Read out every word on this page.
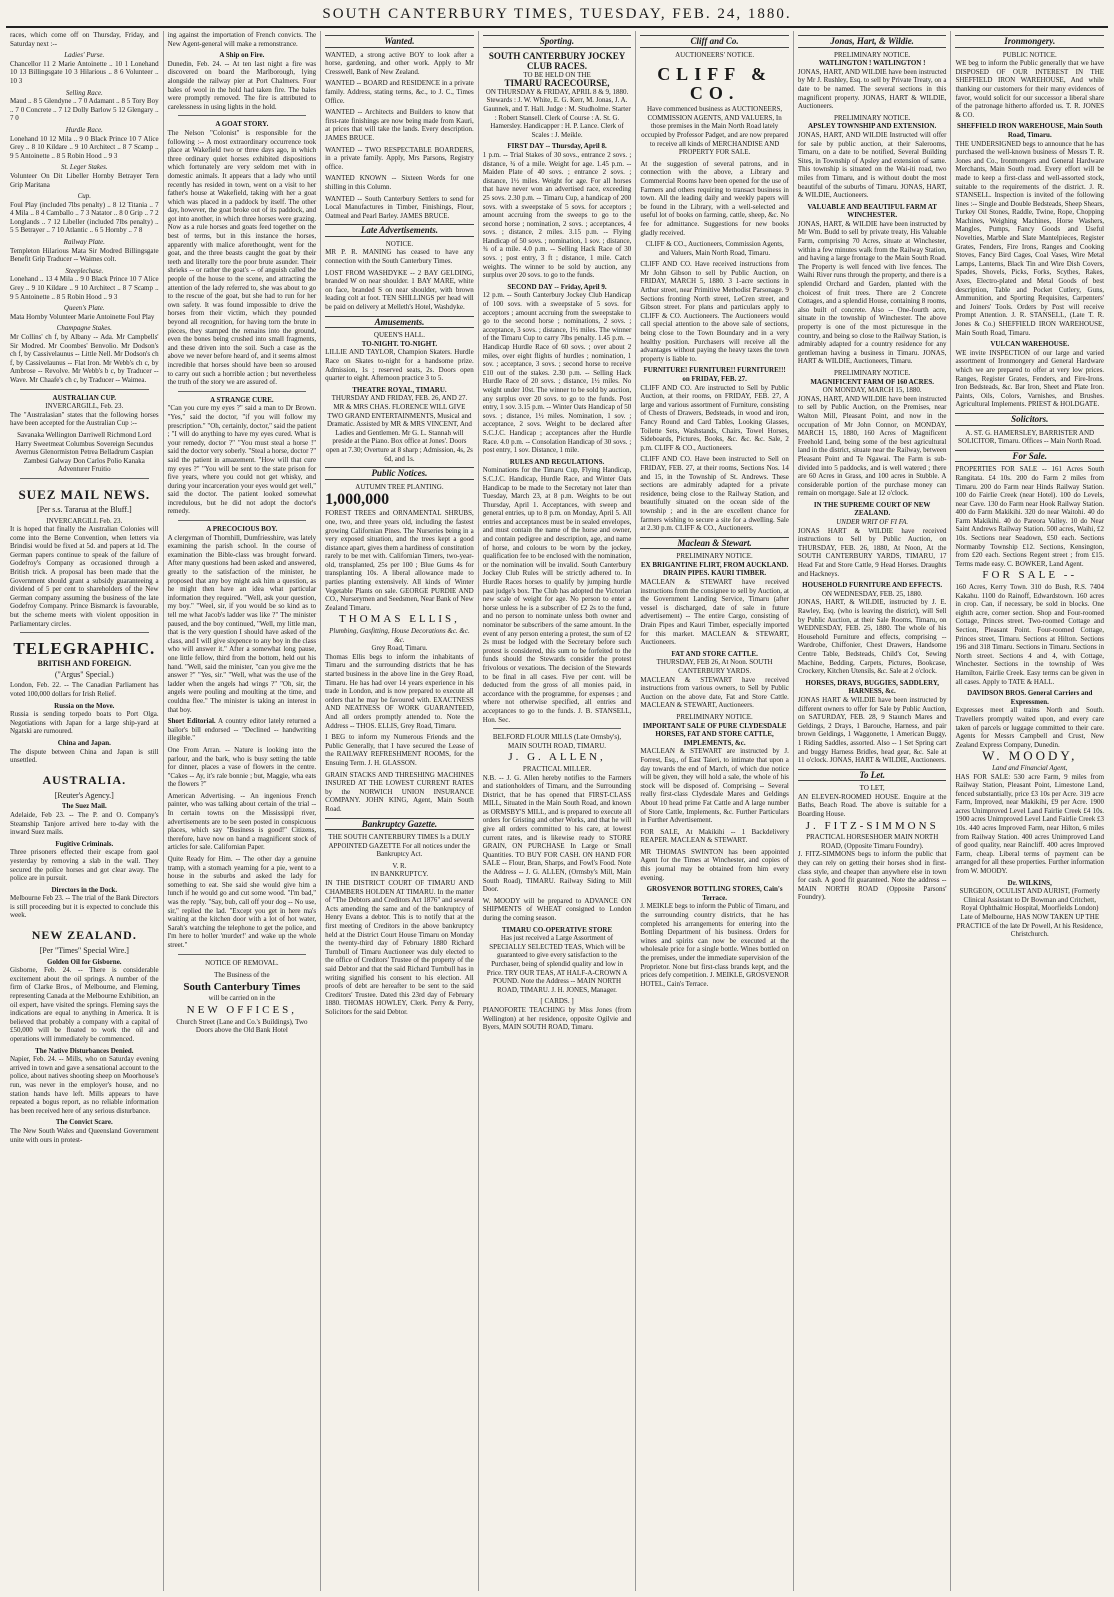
SOUTH CANTERBURY TIMES, TUESDAY, FEB. 24, 1880.

races, which come off on Thursday, Friday, and Saturday next :--

Ladies' Purse.

Chancellor 11 2 Marie Antoinette .. 10 1 Lonehand 10 13 Billingsgate 10 3 Hilarious .. 8 6 Volunteer .. 10 3

Selling Race.

Maud .. 8 5 Glendyne .. 7 0 Adamant .. 8 5 Tory Boy .. 7 0 Concrete .. 7 12 Dolly Barlow 5 12 Glengary .. 7 0

Hurdle Race.

Lonehand 10 12 Mila .. 9 0 Black Prince 10 7 Alice Grey .. 8 10 Kildare .. 9 10 Architect .. 8 7 Scamp .. 9 5 Antoinette .. 8 5 Robin Hood .. 9 3

St. Leger Stakes.

Volunteer On Dit Libeller Hornby Betrayer Tern Grip Maritana

Cup.

Foul Play (included 7lbs penalty) .. 8 12 Titania .. 7 4 Mila .. 8 4 Camballo .. 7 3 Natator .. 8 0 Grip .. 7 2 Longlands .. 7 12 Libeller (included 7lbs penalty) .. 5 5 Betrayer .. 7 10 Atlantic .. 6 5 Hornby .. 7 8

Railway Plate.

Templeton Hilarious Mata Sir Modred Billingsgate Benefit Grip Traducer -- Waimes colt.

Steeplechase.

Lonehand .. 13 4 Mila .. 9 0 Black Prince 10 7 Alice Grey .. 9 10 Kildare .. 9 10 Architect .. 8 7 Scamp .. 9 5 Antoinette .. 8 5 Robin Hood .. 9 3

Queen's Plate.

Mata Hornby Volunteer Marie Antoinette Foul Play

Champagne Stakes.

Mr Collins' ch f, by Albany -- Ada. Mr Campbells' Sir Modred. Mr Coombes' Benvolio. Mr Dodson's ch f, by Cassivelaunus -- Little Nell. Mr Dodson's ch f, by Cassivelaunus -- Flat Iron. Mr Webb's ch c, by Ambrose -- Revolve. Mr Webb's b c, by Traducer -- Wave. Mr Chaafe's ch c, by Traducer -- Waimea.

AUSTRALIAN CUP.
INVERCARGILL, Feb. 23.

The "Australasian" states that the following horses have been accepted for the Australian Cup :--

Savanaka Wellington Darriwell Richmond Lord Harry Sweetmeat Columbus Sovereign Secundus Avernus Glenormiston Petrea Belladrum Caspian Zambesi Galway Don Carlos Polio Kanaka Adventurer Fruitio

SUEZ MAIL NEWS.
[Per s.s. Tararua at the Bluff.]
INVERCARGILL Feb. 23.

It is hoped that finally the Australian Colonies will come into the Berne Convention, when letters via Brindisi would be fixed at 5d. and papers at 1d. The German papers continue to speak of the failure of Godefroy's Company as occasioned through a British trick. A proposal has been made that the Government should grant a subsidy guaranteeing a dividend of 5 per cent to shareholders of the New German company assuming the business of the late Godefroy Company. Prince Bismarck is favourable, but the scheme meets with violent opposition in Parliamentary circles.

TELEGRAPHIC.
BRITISH AND FOREIGN.
("Argus" Special.)

London, Feb. 22. -- The Canadian Parliament has voted 100,000 dollars for Irish Relief.

Russia on the Move.

Russia is sending torpedo boats to Port Olga. Negotiations with Japan for a large ship-yard at Ngatski are rumoured.

China and Japan.

The dispute between China and Japan is still unsettled.

AUSTRALIA.
[Reuter's Agency.]
The Suez Mail.

Adelaide, Feb 23. -- The P. and O. Company's Steamship Tanjore arrived here to-day with the inward Suez mails.

Fugitive Criminals.

Three prisoners effected their escape from gaol yesterday by removing a slab in the wall. They secured the police horses and got clear away. The police are in pursuit.

Directors in the Dock.

Melbourne Feb 23. -- The trial of the Bank Directors is still proceeding but it is expected to conclude this week.

NEW ZEALAND.
[Per "Times" Special Wire.]
Golden Oil for Gisborne.

Gisborne, Feb. 24. -- There is considerable excitement about the oil springs. A number of the firm of Clarke Bros., of Melbourne, and Fleming, representing Canada at the Melbourne Exhibition, an oil expert, have visited the springs. Fleming says the indications are equal to anything in America. It is believed that probably a company with a capital of £50,000 will be floated to work the oil and operations will immediately be commenced.

The Native Disturbances Denied.

Napier, Feb. 24. -- Mills, who on Saturday evening arrived in town and gave a sensational account to the police, about natives shooting sheep on Moorhouse's run, was never in the employer's house, and no station hands have left. Mills appears to have repeated a bogus report, as no reliable information has been received here of any serious disturbance.

The Convict Scare.

The New South Wales and Queensland Government unite with ours in protest-

ing against the importation of French convicts. The New Agent-general will make a remonstrance.

A Ship on Fire.

Dunedin, Feb. 24. -- At ten last night a fire was discovered on board the Marlborough, lying alongside the railway pier at Port Chalmers. Four bales of wool in the hold had taken fire. The bales were promptly removed. The fire is attributed to carelessness in using lights in the hold.

A GOAT STORY.

The Nelson "Colonist" is responsible for the following :-- A most extraordinary occurrence took place at Wakefield two or three days ago, in which three ordinary quiet horses exhibited dispositions which fortunately are very seldom met with in domestic animals. It appears that a lady who until recently has resided in town, went on a visit to her father's house at Wakefield, taking with her a goat which was placed in a paddock by itself. The other day, however, the goat broke out of its paddock, and got into another, in which three horses were grazing. Now as a rule horses and goats feed together on the best of terms, but in this instance the horses, apparently with malice aforethought, went for the goat, and the three beasts caught the goat by their teeth and literally tore the poor brute asunder. Their shrieks -- or rather the goat's -- of anguish called the people of the house to the scene, and attracting the attention of the lady referred to, she was about to go to the rescue of the goat, but she had to run for her own safety. It was found impossible to drive the horses from their victim, which they pounded beyond all recognition, for having torn the brute in pieces, they stamped the remains into the ground, even the bones being crushed into small fragments, and these driven into the soil. Such a case as the above we never before heard of, and it seems almost incredible that horses should have been so aroused to carry out such a horrible action ; but nevertheless the truth of the story we are assured of.

A STRANGE CURE.

"Can you cure my eyes ?" said a man to Dr Brown. "Yes," said the doctor, "if you will follow my prescription." "Oh, certainly, doctor," said the patient ; "I will do anything to have my eyes cured. What is your remedy, doctor ?" "You must steal a horse !" said the doctor very soberly. "Steal a horse, doctor ?" said the patient in amazement. "How will that cure my eyes ?" "You will be sent to the state prison for five years, where you could not get whisky, and during your incarceration your eyes would get well," said the doctor. The patient looked somewhat incredulous, but he did not adopt the doctor's remedy.

A PRECOCIOUS BOY.

A clergyman of Thornhill, Dumfriesshire, was lately examining the parish school. In the course of examination the Bible-class was brought forward. After many questions had been asked and answered, greatly to the satisfaction of the minister, he proposed that any boy might ask him a question, as he might then have an idea what particular information they required. "Well, ask your question, my boy." "Weel, sir, if you would be so kind as to tell me what Jacob's ladder was like ?" The minister paused, and the boy continued, "Well, my little man, that is the very question I should have asked of the class, and I will give sixpence to any boy in the class who will answer it." After a somewhat long pause, one little fellow, third from the bottom, held out his hand. "Well, said the minister, "can you give me the answer ?" "Yes, sir." "Well, what was the use of the ladder when the angels had wings ?" "Oh, sir, the angels were pouling and moulting at the time, and couldna flee." The minister is taking an interest in that boy.

Short Editorial. A country editor lately returned a bailor's bill endorsed -- "Declined -- handwriting illegible."

One From Arran. -- Nature is looking into the parlour, and the bark, who is busy setting the table for dinner, places a vase of flowers in the centre. "Cakes -- Ay, it's rale bonnie ; but, Maggie, wha eats the flowers ?"

American Advertising. -- An ingenious French painter, who was talking about certain of the trial -- In certain towns on the Mississippi river, advertisements are to be seen posted in conspicuous places, which say "Business is good!" Citizens, therefore, have now on hand a magnificent stock of articles for sale. Californian Paper.

Quite Ready for Him. -- The other day a genuine tramp, with a stomach yearning for a pie, went to a house in the suburbs and asked the lady for something to eat. She said she would give him a lunch if he would go and cut some wood. "I'm bad," was the reply. "Say, bub, call off your dog -- No use, sir," replied the lad. "Except you get in here ma's waiting at the kitchen door with a lot of hot water, Sarah's watching the telephone to get the police, and I'm here to holler 'murder!' and wake up the whole street."

NOTICE OF REMOVAL.
The Business of the
South Canterbury Times
will be carried on in the
NEW OFFICES,
Church Street (Lane and Co.'s Buildings), Two Doors above the Old Bank Hotel
Wanted.

WANTED, a strong active BOY to look after a horse, gardening, and other work. Apply to Mr Cresswell, Bank of New Zealand.

WANTED -- BOARD and RESIDENCE in a private family. Address, stating terms, &c., to J. C., Times Office.

WANTED -- Architects and Builders to know that first-rate finishings are now being made from Kauri, at prices that will take the lands. Every description. JAMES BRUCE.

WANTED -- TWO RESPECTABLE BOARDERS, in a private family. Apply, Mrs Parsons, Registry office.

WANTED KNOWN -- Sixteen Words for one shilling in this Column.

WANTED -- South Canterbury Settlers to send for Local Manufactures in Timber, Finishings, Flour, Oatmeal and Pearl Barley. JAMES BRUCE.

Late Advertisements.
NOTICE.

MR P. R. MANING has ceased to have any connection with the South Canterbury Times.

LOST FROM WASHDYKE -- 2 BAY GELDING, branded W on near shoulder. 1 BAY MARE, white on face, branded S on near shoulder, with brown leading colt at foot. TEN SHILLINGS per head will be paid on delivery at Melleth's Hotel, Washdyke.

Amusements.
QUEEN'S HALL.
TO-NIGHT. TO-NIGHT.

LILLIE AND TAYLOR, Champion Skaters. Hurdle Race on Skates to-night for a handsome prize. Admission, 1s ; reserved seats, 2s. Doors open quarter to eight. Afternoon practice 3 to 5.

THEATRE ROYAL, TIMARU.
THURSDAY AND FRIDAY, FEB. 26, AND 27.

MR & MRS CHAS. FLORENCE WILL GIVE TWO GRAND ENTERTAINMENTS, Musical and Dramatic. Assisted by MR & MRS VINCENT, And Ladies and Gentlemen. Mr G. L. Stannah will preside at the Piano. Box office at Jones'. Doors open at 7.30; Overture at 8 sharp ; Admission, 4s, 2s 6d, and 1s.

Public Notices.
AUTUMN TREE PLANTING.
1,000,000

FOREST TREES and ORNAMENTAL SHRUBS, one, two, and three years old, including the fastest growing Californian Pines. The Nurseries being in a very exposed situation, and the trees kept a good distance apart, gives them a hardiness of constitution rarely to be met with. Californian Timers, two-year-old, transplanted, 25s per 100 ; Blue Gums 4s for transplanting 10s. A liberal allowance made to parties planting extensively. All kinds of Winter Vegetable Plants on sale. GEORGE PURDIE AND CO., Nurserymen and Seedsmen, Near Bank of New Zealand Timaru.

THOMAS ELLIS,
Plumbing, Gasfitting, House Decorations &c. &c. &c.
Grey Road, Timaru.

Thomas Ellis begs to inform the inhabitants of Timaru and the surrounding districts that he has started business in the above line in the Grey Road, Timaru. He has had over 14 years experience in his trade in London, and is now prepared to execute all orders that he may be favoured with. EXACTNESS AND NEATNESS OF WORK GUARANTEED, And all orders promptly attended to. Note the Address -- THOS. ELLIS, Grey Road, Timaru.

I BEG to inform my Numerous Friends and the Public Generally, that I have secured the Lease of the RAILWAY REFRESHMENT ROOMS, for the Ensuing Term. J. H. GLASSON.

GRAIN STACKS AND THRESHING MACHINES INSURED AT THE LOWEST CURRENT RATES by the NORWICH UNION INSURANCE COMPANY. JOHN KING, Agent, Main South Road.

Bankruptcy Gazette.

THE SOUTH CANTERBURY TIMES Is a DULY APPOINTED GAZETTE For all notices under the Bankruptcy Act.

V. R.
IN BANKRUPTCY.

IN THE DISTRICT COURT OF TIMARU AND CHAMBERS HOLDEN AT TIMARU. In the matter of "The Debtors and Creditors Act 1876" and several Acts amending the same and of the bankruptcy of Henry Evans a debtor. This is to notify that at the first meeting of Creditors in the above bankruptcy held at the District Court House Timaru on Monday the twenty-third day of February 1880 Richard Turnbull of Timaru Auctioneer was duly elected to the office of Creditors' Trustee of the property of the said Debtor and that the said Richard Turnbull has in writing signified his consent to his election. All proofs of debt are hereafter to be sent to the said Creditors' Trustee. Dated this 23rd day of February 1880. THOMAS HOWLEY, Clerk. Perry & Perry, Solicitors for the said Debtor.

Sporting.
SOUTH CANTERBURY JOCKEY CLUB RACES.
TO BE HELD ON THE
TIMARU RACECOURSE,
ON THURSDAY & FRIDAY, APRIL 8 & 9, 1880.

Stewards : J. W. White, E. G. Kerr, M. Jonas, J. A. Gaunnek, and T. Hall. Judge : M. Studholme. Starter : Robert Stansell. Clerk of Course : A. St. G. Hamersley. Handicapper : H. P. Lance. Clerk of Scales : J. Meikle.

FIRST DAY -- Thursday, April 8.

1 p.m. -- Trial Stakes of 30 sovs., entrance 2 sovs. ; distance, ¾ of a mile. Weight for age. 1.45 p.m. -- Maiden Plate of 40 sovs. ; entrance 2 sovs. ; distance, 1½ miles. Weight for age. For all horses that have never won an advertised race, exceeding 25 sovs. 2.30 p.m. -- Timaru Cup, a handicap of 200 sovs. with a sweepstake of 5 sovs. for acceptors ; amount accruing from the sweeps to go to the second horse ; nomination, 2 sovs. ; acceptances, 4 sovs. ; distance, 2 miles. 3.15 p.m. -- Flying Handicap of 50 sovs. ; nomination, 1 sov. ; distance, ¾ of a mile. 4.0 p.m. -- Selling Hack Race of 30 sovs. ; post entry, 3 ft ; distance, 1 mile. Catch weights. The winner to be sold by auction, any surplus over 20 sovs. to go to the funds.

SECOND DAY -- Friday, April 9.

12 p.m. -- South Canterbury Jockey Club Handicap of 100 sovs. with a sweepstake of 5 sovs. for acceptors ; amount accruing from the sweepstake to go to the second horse ; nominations, 2 sovs. ; acceptance, 3 sovs. ; distance, 1½ miles. The winner of the Timaru Cup to carry 7lbs penalty. 1.45 p.m. -- Handicap Hurdle Race of 60 sovs. ; over about 2 miles, over eight flights of hurdles ; nomination, 1 sov. ; acceptance, 3 sovs. ; second horse to receive £10 out of the stakes. 2.30 p.m. -- Selling Hack Hurdle Race of 20 sovs. ; distance, 1½ miles. No weight under 10st. The winner to be sold by auction, any surplus over 20 sovs. to go to the funds. Post entry, 1 sov. 3.15 p.m. -- Winter Oats Handicap of 50 sovs. ; distance, 1½ miles. Nomination, 1 sov. ; acceptance, 2 sovs. Weight to be declared after S.C.J.C. Handicap ; acceptances after the Hurdle Race. 4.0 p.m. -- Consolation Handicap of 30 sovs. ; post entry, 1 sov. Distance, 1 mile.

RULES AND REGULATIONS.

Nominations for the Timaru Cup, Flying Handicap, S.C.J.C. Handicap, Hurdle Race, and Winter Oats Handicap to be made to the Secretary not later than Tuesday, March 23, at 8 p.m. Weights to be out Thursday, April 1. Acceptances, with sweep and general entries, up to 8 p.m. on Monday, April 5. All entries and acceptances must be in sealed envelopes, and must contain the name of the horse and owner, and contain pedigree and description, age, and name of horse, and colours to be worn by the jockey, qualification fee to be enclosed with the nomination, or the nomination will be invalid. South Canterbury Jockey Club Rules will be strictly adhered to. In Hurdle Races horses to qualify by jumping hurdle past judge's box. The Club has adopted the Victorian new scale of weight for age. No person to enter a horse unless he is a subscriber of £2 2s to the fund, and no person to nominate unless both owner and nominator be subscribers of the same amount. In the event of any person entering a protest, the sum of £2 2s must be lodged with the Secretary before such protest is considered, this sum to be forfeited to the funds should the Stewards consider the protest frivolous or vexatious. The decision of the Stewards to be final in all cases. Five per cent. will be deducted from the gross of all monies paid, in accordance with the programme, for expenses ; and where not otherwise specified, all entries and acceptances to go to the funds. J. B. STANSELL, Hon. Sec.

BELFORD FLOUR MILLS (Late Ormsby's), MAIN SOUTH ROAD, TIMARU.
J. G. ALLEN,
PRACTICAL MILLER.

N.B. -- J. G. Allen hereby notifies to the Farmers and stationholders of Timaru, and the Surrounding District, that he has opened that FIRST-CLASS MILL, Situated in the Main South Road, and known as ORMSBY'S MILL, and is prepared to execute all orders for Gristing and other Works, and that he will give all orders committed to his care, at lowest current rates, and is likewise ready to STORE GRAIN, ON PURCHASE In Large or Small Quantities. TO BUY FOR CASH. ON HAND FOR SALE -- Flour, Bran, Sharps, and Fowl's Food. Note the Address -- J. G. ALLEN, (Ormsby's Mill, Main South Road), TIMARU. Railway Siding to Mill Door.

W. MOODY will be prepared to ADVANCE ON SHIPMENTS of WHEAT consigned to London during the coming season.

TIMARU CO-OPERATIVE STORE

Has just received a Large Assortment of SPECIALLY SELECTED TEAS, Which will be guaranteed to give every satisfaction to the Purchaser, being of splendid quality and low in Price. TRY OUR TEAS, AT HALF-A-CROWN A POUND. Note the Address -- MAIN NORTH ROAD, TIMARU. J. H. JONES, Manager.

[ CARDS. ]

PIANOFORTE TEACHING by Miss Jones (from Wellington) at her residence, opposite Ogilvie and Byers, MAIN SOUTH ROAD, Timaru.

Cliff and Co.
AUCTIONEERS' NOTICE.
CLIFF & CO.

Have commenced business as AUCTIONEERS, COMMISSION AGENTS, AND VALUERS, In those premises in the Main North Road lately occupied by Professor Padget, and are now prepared to receive all kinds of MERCHANDISE AND PROPERTY FOR SALE.

At the suggestion of several patrons, and in connection with the above, a Library and Commercial Rooms have been opened for the use of Farmers and others requiring to transact business in town. All the leading daily and weekly papers will be found in the Library, with a well-selected and useful lot of books on farming, cattle, sheep, &c. No fee for admittance. Suggestions for new books gladly received.

CLIFF & CO., Auctioneers, Commission Agents, and Valuers, Main North Road, Timaru.

CLIFF AND CO. Have received instructions from Mr John Gibson to sell by Public Auction, on FRIDAY, MARCH 5, 1880. 3 1-acre sections in Arthur street, near Primitive Methodist Parsonage. 9 Sections fronting North street, LeCren street, and Gibson street. For plans and particulars apply to CLIFF & CO. Auctioneers. The Auctioneers would call special attention to the above sale of sections, being close to the Town Boundary and in a very healthy position. Purchasers will receive all the advantages without paying the heavy taxes the town property is liable to.

FURNITURE! FURNITURE!! FURNITURE!!! on FRIDAY, FEB. 27.

CLIFF AND CO. Are instructed to Sell by Public Auction, at their rooms, on FRIDAY, FEB. 27, A large and various assortment of Furniture, consisting of Chests of Drawers, Bedsteads, in wood and iron, Fancy Round and Card Tables, Looking Glasses, Toilette Sets, Washstands, Chairs, Towel Horses, Sideboards, Pictures, Books, &c. &c. &c. Sale, 2 p.m. CLIFF & CO., Auctioneers.

CLIFF AND CO. Have been instructed to Sell on FRIDAY, FEB. 27, at their rooms, Sections Nos. 14 and 15, in the Township of St. Andrews. These sections are admirably adapted for a private residence, being close to the Railway Station, and beautifully situated on the ocean side of the township ; and in the are excellent chance for farmers wishing to secure a site for a dwelling. Sale at 2.30 p.m. CLIFF & CO., Auctioneers.

Maclean & Stewart.
PRELIMINARY NOTICE.
EX BRIGANTINE FLIRT, FROM AUCKLAND. DRAIN PIPES. KAURI TIMBER.

MACLEAN & STEWART have received instructions from the consignee to sell by Auction, at the Government Landing Service, Timaru (after vessel is discharged, date of sale in future advertisement) -- The entire Cargo, consisting of Drain Pipes and Kauri Timber, especially imported for this market. MACLEAN & STEWART, Auctioneers.

FAT AND STORE CATTLE.
THURSDAY, FEB 26, At Noon. SOUTH CANTERBURY YARDS.

MACLEAN & STEWART have received instructions from various owners, to Sell by Public Auction on the above date, Fat and Store Cattle. MACLEAN & STEWART, Auctioneers.

PRELIMINARY NOTICE.
IMPORTANT SALE OF PURE CLYDESDALE HORSES, FAT AND STORE CATTLE, IMPLEMENTS, &c.

MACLEAN & STEWART are instructed by J. Forrest, Esq., of East Taieri, to intimate that upon a day towards the end of March, of which due notice will be given, they will hold a sale, the whole of his stock will be disposed of. Comprising -- Several really first-class Clydesdale Mares and Geldings About 10 head prime Fat Cattle and A large number of Store Cattle, Implements, &c. Further Particulars in Further Advertisement.

FOR SALE, At Makikihi -- 1 Backdelivery REAPER. MACLEAN & STEWART.

MR THOMAS SWINTON has been appointed Agent for the Times at Winchester, and copies of this journal may be obtained from him every evening.

GROSVENOR BOTTLING STORES, Cain's Terrace.

J. MEIKLE begs to inform the Public of Timaru, and the surrounding country districts, that he has completed his arrangements for entering into the Bottling Department of his business. Orders for wines and spirits can now be executed at the wholesale price for a single bottle. Wines bottled on the premises, under the immediate supervision of the Proprietor. None but first-class brands kept, and the prices defy competition. J. MEIKLE, GROSVENOR HOTEL, Cain's Terrace.

Jonas, Hart, & Wildie.
PRELIMINARY NOTICE.
WATLINGTON ! WATLINGTON !

JONAS, HART, AND WILDIE have been instructed by Mr J. Rushley, Esq. to sell by Private Treaty, on a date to be named. The several sections in this magnificent property. JONAS, HART & WILDIE, Auctioneers.

PRELIMINARY NOTICE.
APSLEY TOWNSHIP AND EXTENSION.

JONAS, HART, AND WILDIE Instructed will offer for sale by public auction, at their Salerooms, Timaru, on a date to be notified, Several Building Sites, in Township of Apsley and extension of same. This township is situated on the Wai-iti road, two miles from Timaru, and is without doubt the most beautiful of the suburbs of Timaru. JONAS, HART, & WILDIE, Auctioneers.

VALUABLE AND BEAUTIFUL FARM AT WINCHESTER.

JONAS, HART, & WILDIE have been instructed by Mr Wm. Budd to sell by private treaty, His Valuable Farm, comprising 70 Acres, situate at Winchester, within a few minutes walk from the Railway Station, and having a large frontage to the Main South Road. The Property is well fenced with live fences. The Waihi River runs through the property, and there is a splendid Orchard and Garden, planted with the choicest of fruit trees. There are 2 Concrete Cottages, and a splendid House, containing 8 rooms, also built of concrete. Also -- One-fourth acre, situate in the township of Winchester. The above property is one of the most picturesque in the country, and being so close to the Railway Station, is admirably adapted for a country residence for any gentleman having a business in Timaru. JONAS, HART & WILDIE, Auctioneers, Timaru.

PRELIMINARY NOTICE.
MAGNIFICENT FARM OF 160 ACRES.
ON MONDAY, MARCH 15, 1880.

JONAS, HART, AND WILDIE have been instructed to sell by Public Auction, on the Premises, near Walton Mill, Pleasant Point, and now in the occupation of Mr John Connor, on MONDAY, MARCH 15, 1880, 160 Acres of Magnificent Freehold Land, being some of the best agricultural land in the district, situate near the Railway, between Pleasant Point and Te Ngawai. The Farm is sub-divided into 5 paddocks, and is well watered ; there are 60 Acres in Grass, and 100 acres in Stubble. A considerable portion of the purchase money can remain on mortgage. Sale at 12 o'clock.

IN THE SUPREME COURT OF NEW ZEALAND.
UNDER WRIT OF FI FA.

JONAS HART & WILDIE have received instructions to Sell by Public Auction, on THURSDAY, FEB. 26, 1880, At Noon, At the SOUTH CANTERBURY YARDS, TIMARU, 17 Head Fat and Store Cattle, 9 Head Horses. Draughts and Hackneys.

HOUSEHOLD FURNITURE AND EFFECTS.
ON WEDNESDAY, FEB. 25, 1880.

JONAS, HART, & WILDIE, instructed by J. E. Rawley, Esq. (who is leaving the district), will Sell by Public Auction, at their Sale Rooms, Timaru, on WEDNESDAY, FEB. 25, 1880. The whole of his Household Furniture and effects, comprising -- Wardrobe, Chiffonier, Chest Drawers, Handsome Centre Table, Bedsteads, Child's Cot, Sewing Machine, Bedding, Carpets, Pictures, Bookcase, Crockery, Kitchen Utensils, &c. Sale at 2 o'clock.

HORSES, DRAYS, BUGGIES, SADDLERY, HARNESS, &c.

JONAS HART & WILDIE have been instructed by different owners to offer for Sale by Public Auction, on SATURDAY, FEB. 28, 9 Staunch Mares and Geldings, 2 Drays, 1 Barouche, Harness, and pair brown Geldings, 1 Waggonette, 1 American Buggy, 1 Riding Saddles, assorted. Also -- 1 Set Spring cart and buggy Harness Bridles, head gear, &c. Sale at 11 o'clock. JONAS, HART & WILDIE, Auctioneers.

To Let.
TO LET,

AN ELEVEN-ROOMED HOUSE. Enquire at the Baths, Beach Road. The above is suitable for a Boarding House.

J. FITZ-SIMMONS
PRACTICAL HORSESHOER MAIN NORTH ROAD, (Opposite Timaru Foundry).

J. FITZ-SIMMONS begs to inform the public that they can rely on getting their horses shod in first-class style, and cheaper than anywhere else in town for cash. A good fit guaranteed. Note the address -- MAIN NORTH ROAD (Opposite Parsons' Foundry).

Ironmongery.
PUBLIC NOTICE.

WE beg to inform the Public generally that we have DISPOSED OF OUR INTEREST IN THE SHEFFIELD IRON WAREHOUSE, And while thanking our customers for their many evidences of favor, would solicit for our successor a liberal share of the patronage hitherto afforded us. T. R. JONES & CO.

SHEFFIELD IRON WAREHOUSE, Main South Road, Timaru.

THE UNDERSIGNED begs to announce that he has purchased the well-known business of Messrs T. R. Jones and Co., Ironmongers and General Hardware Merchants, Main South road. Every effort will be made to keep a first-class and well-assorted stock, suitable to the requirements of the district. J. R. STANSELL. Inspection is invited of the following lines :-- Single and Double Bedsteads, Sheep Shears, Turkey Oil Stones, Raddle, Twine, Rope, Chopping Machines, Weighing Machines, Horse Washers, Mangles, Pumps, Fancy Goods and Useful Novelties, Marble and Slate Mantelpieces, Register Grates, Fenders, Fire Irons, Ranges and Cooking Stoves, Fancy Bird Cages, Coal Vases, Wire Metal Lamps, Lanterns, Black Tin and Wire Dish Covers, Spades, Shovels, Picks, Forks, Scythes, Rakes, Axes, Electro-plated and Metal Goods of best description, Table and Pocket Cutlery, Guns, Ammunition, and Sporting Requisites, Carpenters' and Joiners' Tools. Orders by Post will receive Prompt Attention. J. R. STANSELL, (Late T. R. Jones & Co.) SHEFFIELD IRON WAREHOUSE, Main South Road, Timaru.

VULCAN WAREHOUSE.

WE invite INSPECTION of our large and varied assortment of Ironmongery and General Hardware which we are prepared to offer at very low prices. Ranges, Register Grates, Fenders, and Fire-Irons. Iron Bedsteads, &c. Bar Iron, Sheet and Plate Iron. Paints, Oils, Colors, Varnishes, and Brushes. Agricultural Implements. PRIEST & HOLDGATE.

Solicitors.

A. ST. G. HAMERSLEY, BARRISTER AND SOLICITOR, Timaru. Offices -- Main North Road.

For Sale.

PROPERTIES FOR SALE -- 161 Acres South Rangitata. £4 10s. 200 do Farm 2 miles from Timaru. 200 do Farm near Hinds Railway Station. 100 do Fairlie Creek (near Hotel). 100 do Levels, near Cave. 130 do Farm near Hook Railway Station. 400 do Farm Makikihi. 320 do near Waitohi. 40 do Farm Makikihi. 40 do Pareora Valley. 10 do Near Saint Andrews Railway Station. 500 acres, Waihi, £2 10s. Sections near Seadown, £50 each. Sections Normanby Township £12. Sections, Kensington, from £20 each. Sections Regent street ; from £15. Terms made easy. C. BOWKER, Land Agent.

FOR SALE --

160 Acres, Kerry Town. 310 do Bush, R.S. 7404 Kakahu. 1100 do Rainoff, Edwardstown. 160 acres in crop. Can, if necessary, be sold in blocks. One eighth acre, corner section. Shop and Four-roomed Cottage, Princes street. Two-roomed Cottage and Section, Pleasant Point. Four-roomed Cottage, Princes street, Timaru. Sections at Hilton. Sections 196 and 318 Timaru. Sections in Timaru. Sections in North street. Sections 4 and 4, with Cottage, Winchester. Sections in the township of Wes Hamilton, Fairlie Creek. Easy terms can be given in all cases. Apply to TATE & HALL.

DAVIDSON BROS. General Carriers and Expressmen.

Expresses meet all trains North and South. Travellers promptly waited upon, and every care taken of parcels or luggage committed to their care. Agents for Messrs Campbell and Crust, New Zealand Express Company, Dunedin.

W. MOODY,
Land and Financial Agent,

HAS FOR SALE: 530 acre Farm, 9 miles from Railway Station, Pleasant Point, Limestone Land, fenced substantially, price £3 10s per Acre. 319 acre Farm, Improved, near Makikihi, £9 per Acre. 1900 acres Unimproved Level Land Fairlie Creek £4 10s. 1900 acres Unimproved Level Land Fairlie Creek £3 10s. 440 acres Improved Farm, near Hilton, 6 miles from Railway Station. 400 acres Unimproved Land of good quality, near Raincliff. 400 acres Improved Farm, cheap. Liberal terms of payment can be arranged for all these properties. Further information from W. MOODY.

Dr. WILKINS,

SURGEON, OCULIST AND AURIST, (Formerly Clinical Assistant to Dr Bowman and Critchett, Royal Ophthalmic Hospital, Moorfields London) Late of Melbourne, HAS NOW TAKEN UP THE PRACTICE of the late Dr Powell, At his Residence, Christchurch.
